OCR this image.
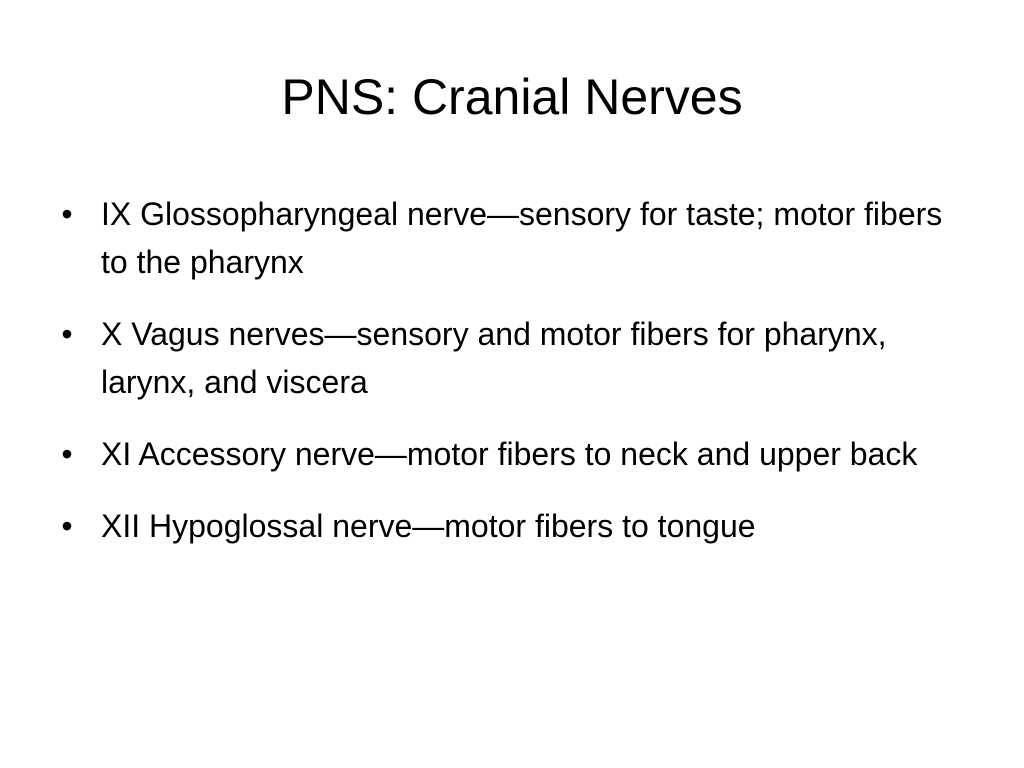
PNS: Cranial Nerves
• IX Glossopharyngeal nerve—sensory for taste; motor fibers to the pharynx
• X Vagus nerves—sensory and motor fibers for pharynx, larynx, and viscera
• XI Accessory nerve—motor fibers to neck and upper back
• XII Hypoglossal nerve—motor fibers to tongue
